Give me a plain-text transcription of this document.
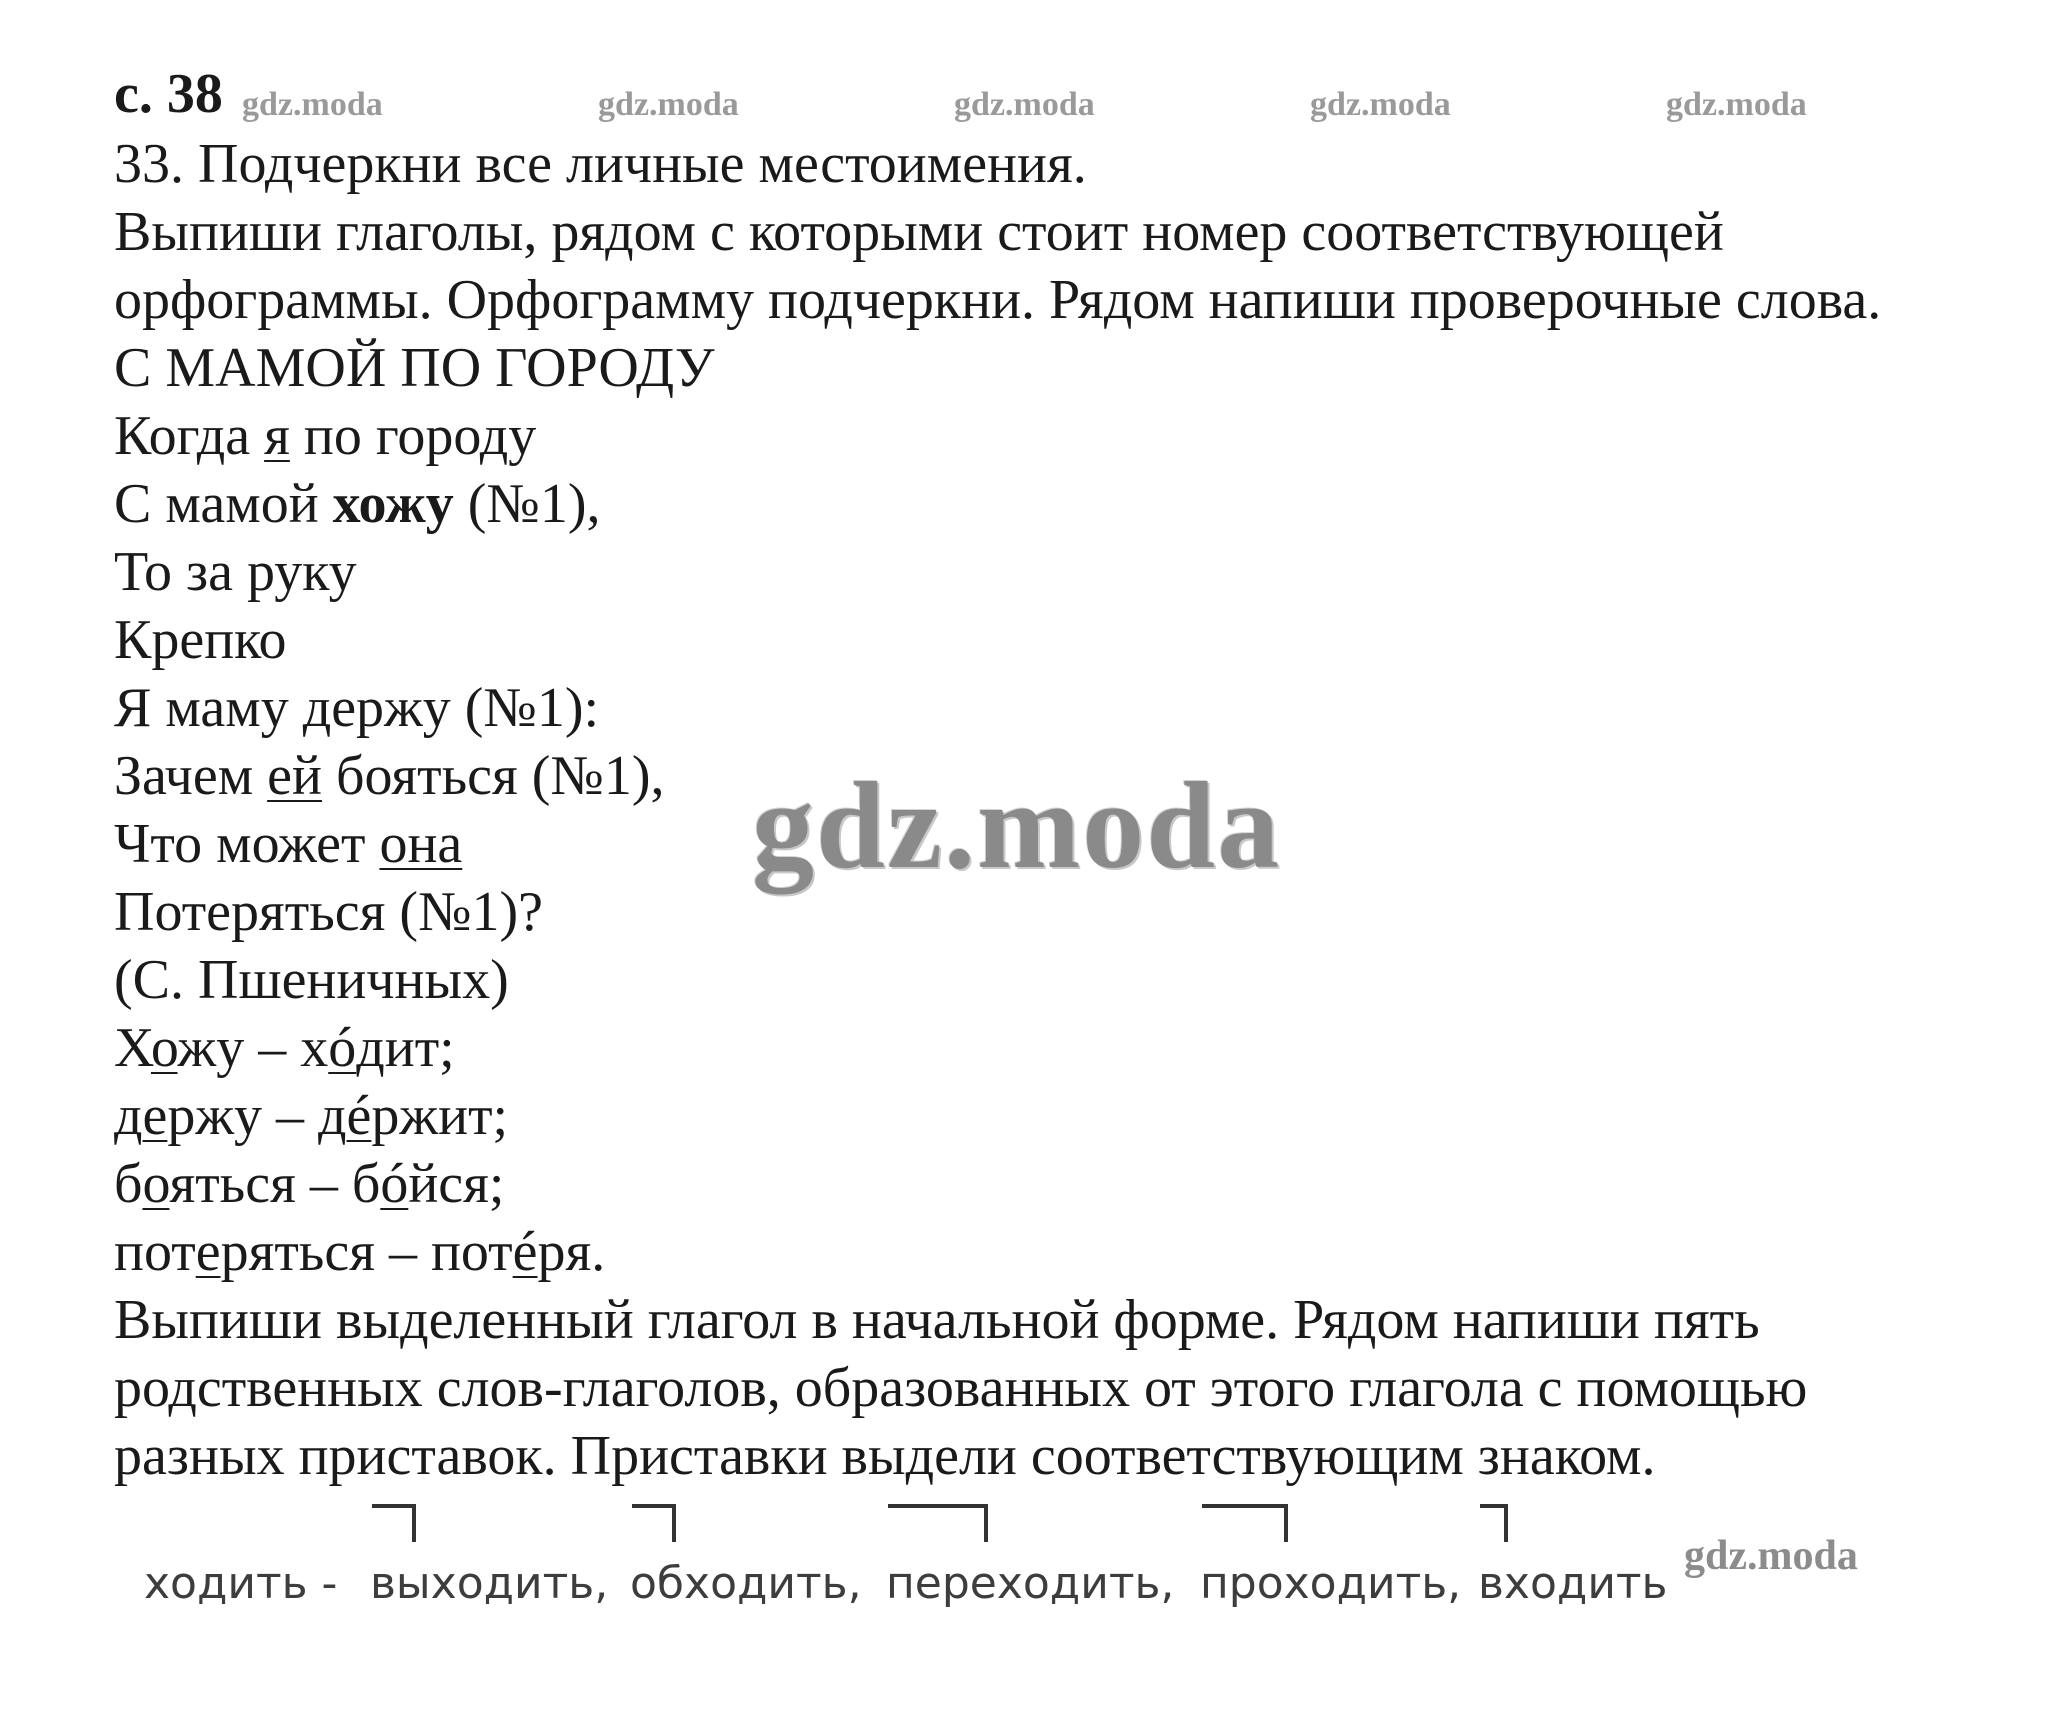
с. 38 gdz.moda	gdz.moda	gdz.moda	gdz.moda	gdz.moda
33. Подчеркни все личные местоимения.
Выпиши глаголы, рядом с которыми стоит номер соответствующей
орфограммы. Орфограмму подчеркни. Рядом напиши проверочные слова.
С МАМОЙ ПО ГОРОДУ
Когда я по городу
С мамой хожу (№1),
То за руку
Крепко
Я маму держу (№1):
Зачем ей бояться (№1),
Что может она
Потеряться (№1)?
(С. Пшеничных)
Хожу – хóдит;
держу – дéржит;
бояться – бóйся;
потеряться – потéря.
Выпиши выделенный глагол в начальной форме. Рядом напиши пять
родственных слов-глаголов, образованных от этого глагола с помощью
разных приставок. Приставки выдели соответствующим знаком.
gdz.moda
ходить - выходить, обходить, переходить, проходить, входить
gdz.moda
